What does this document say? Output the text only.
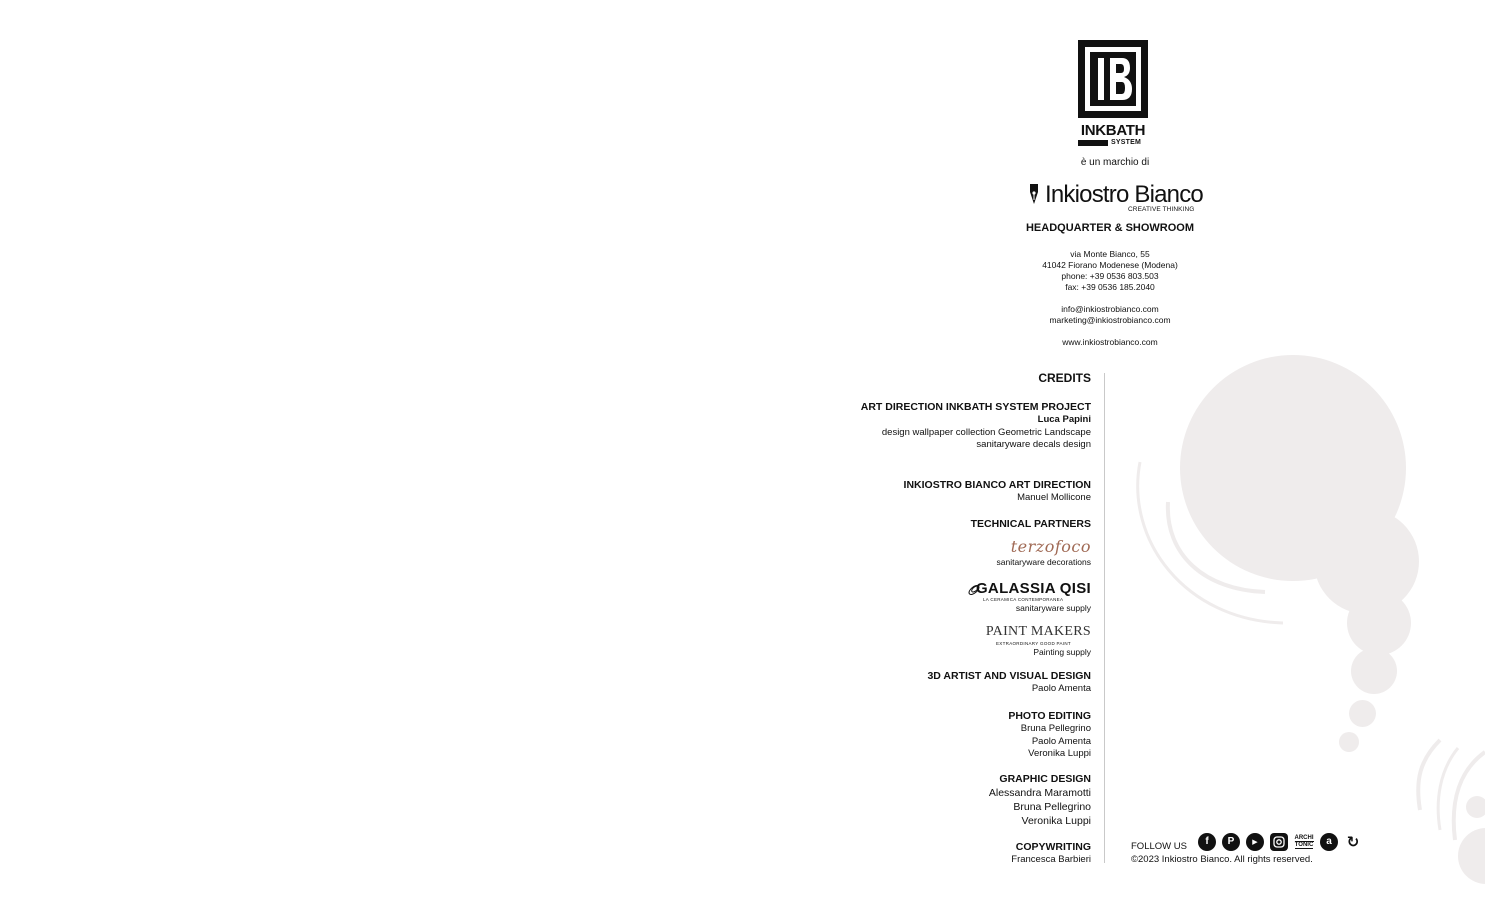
INKBATH
SYSTEM
è un marchio di
Inkiostro Bianco
CREATIVE THINKING
HEADQUARTER & SHOWROOM
via Monte Bianco, 55
41042 Fiorano Modenese (Modena)
phone: +39 0536 803.503
fax: +39 0536 185.2040
info@inkiostrobianco.com
marketing@inkiostrobianco.com
www.inkiostrobianco.com
CREDITS
ART DIRECTION INKBATH SYSTEM PROJECT
Luca Papini
design wallpaper collection Geometric Landscape
sanitaryware decals design
INKIOSTRO BIANCO ART DIRECTION
Manuel Mollicone
TECHNICAL PARTNERS
terzofoco
sanitaryware decorations
GALASSIA QISI
LA CERAMICA CONTEMPORANEA
sanitaryware supply
PAINT MAKERS
EXTRAORDINARY GOOD PAINT
Painting supply
3D ARTIST AND VISUAL DESIGN
Paolo Amenta
PHOTO EDITING
Bruna Pellegrino
Paolo Amenta
Veronika Luppi
GRAPHIC DESIGN
Alessandra Maramotti
Bruna Pellegrino
Veronika Luppi
COPYWRITING
Francesca Barbieri
FOLLOW US	f	P	▶
ARCHI
TONIC	a ↻
©2023 Inkiostro Bianco. All rights reserved.
